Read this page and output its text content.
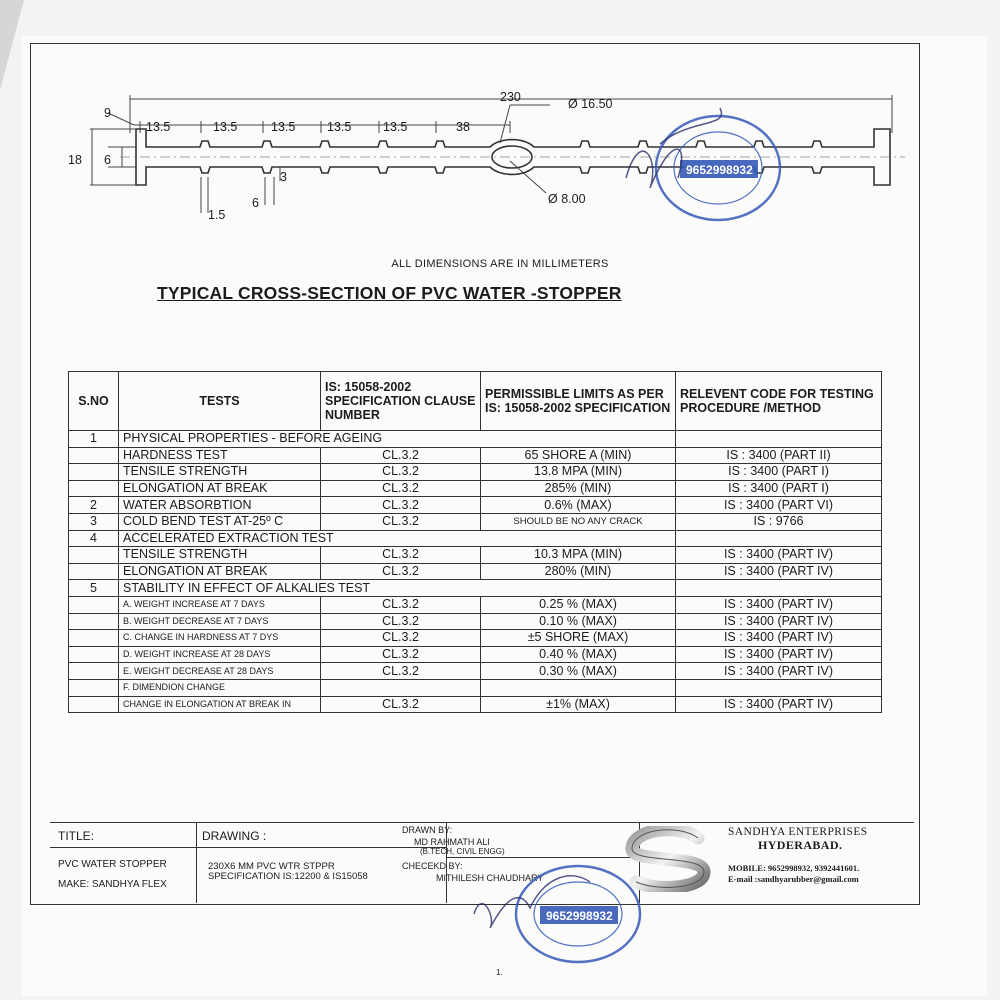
230	Ø 16.50
Ø 8.00
13.5	13.5	13.5	13.5	13.5	38
9
18 6
3
1.5
6
ALL DIMENSIONS ARE IN MILLIMETERS
TYPICAL CROSS-SECTION OF PVC WATER -STOPPER
S.NO	TESTS	IS: 15058-2002 SPECIFICATION CLAUSE NUMBER	PERMISSIBLE LIMITS AS PER IS: 15058-2002 SPECIFICATION	RELEVENT CODE FOR TESTING PROCEDURE /METHOD
1	PHYSICAL PROPERTIES - BEFORE AGEING			
	HARDNESS TEST	CL.3.2	65 SHORE A (MIN)	IS : 3400 (PART II)
	TENSILE STRENGTH	CL.3.2	13.8 MPA (MIN)	IS : 3400 (PART I)
	ELONGATION AT BREAK	CL.3.2	285% (MIN)	IS : 3400 (PART I)
2	WATER ABSORBTION	CL.3.2	0.6% (MAX)	IS : 3400 (PART VI)
3	COLD BEND TEST AT-25º C	CL.3.2	SHOULD BE NO ANY CRACK	IS : 9766
4	ACCELERATED EXTRACTION TEST			
	TENSILE STRENGTH	CL.3.2	10.3 MPA (MIN)	IS : 3400 (PART IV)
	ELONGATION AT BREAK	CL.3.2	280% (MIN)	IS : 3400 (PART IV)
5	STABILITY IN EFFECT OF ALKALIES TEST			
	A. WEIGHT INCREASE AT 7 DAYS	CL.3.2	0.25 % (MAX)	IS : 3400 (PART IV)
	B. WEIGHT DECREASE AT 7 DAYS	CL.3.2	0.10 % (MAX)	IS : 3400 (PART IV)
	C. CHANGE IN HARDNESS AT 7 DYS	CL.3.2	±5 SHORE (MAX)	IS : 3400 (PART IV)
	D. WEIGHT INCREASE AT 28 DAYS	CL.3.2	0.40 % (MAX)	IS : 3400 (PART IV)
	E. WEIGHT DECREASE AT 28 DAYS	CL.3.2	0.30 % (MAX)	IS : 3400 (PART IV)
	F. DIMENDION CHANGE			
	CHANGE IN ELONGATION AT BREAK IN	CL.3.2	±1% (MAX)	IS : 3400 (PART IV)
TITLE:
PVC WATER STOPPER
MAKE: SANDHYA FLEX
DRAWING :
230X6 MM PVC WTR STPPR
SPECIFICATION IS:12200 & IS15058
DRAWN BY:
MD RAHMATH ALI
(B.TECH, CIVIL ENGG)
CHECEKD BY:
MITHILESH CHAUDHARY
SANDHYA ENTERPRISES
HYDERABAD.
MOBILE: 9652998932, 9392441601.
E-mail :sandhyarubber@gmail.com
9652998932
9652998932
1.
